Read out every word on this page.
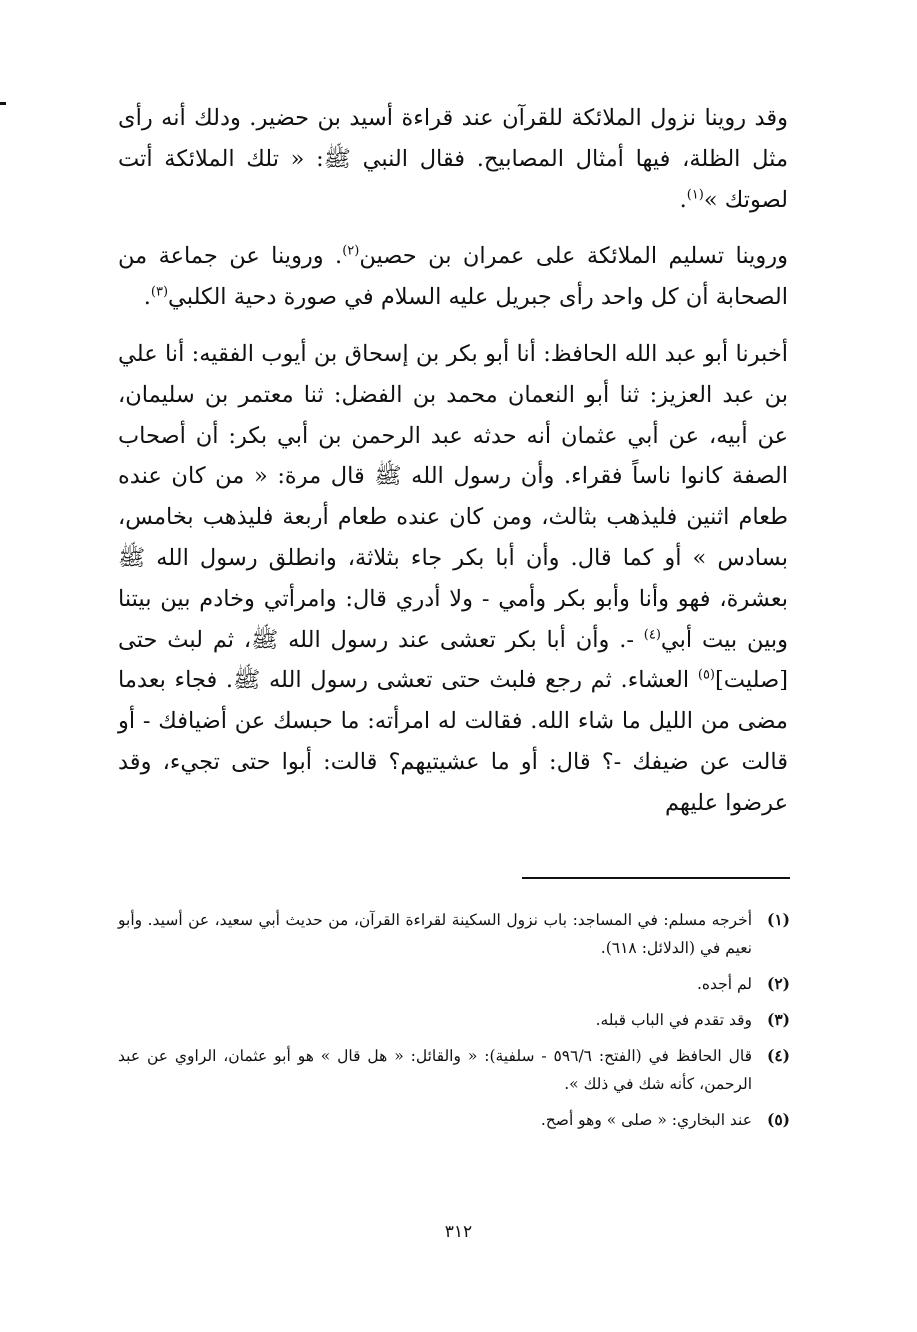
وقد روينا نزول الملائكة للقرآن عند قراءة أسيد بن حضير. ودلك أنه رأى مثل الظلة، فيها أمثال المصابيح. فقال النبي ﷺ: « تلك الملائكة أتت لصوتك »$^{(١)}$.

وروينا تسليم الملائكة على عمران بن حصين$^{(٢)}$. وروينا عن جماعة من الصحابة أن كل واحد رأى جبريل عليه السلام في صورة دحية الكلبي$^{(٣)}$.

أخبرنا أبو عبد الله الحافظ: أنا أبو بكر بن إسحاق بن أيوب الفقيه: أنا علي بن عبد العزيز: ثنا أبو النعمان محمد بن الفضل: ثنا معتمر بن سليمان، عن أبيه، عن أبي عثمان أنه حدثه عبد الرحمن بن أبي بكر: أن أصحاب الصفة كانوا ناساً فقراء. وأن رسول الله ﷺ قال مرة: « من كان عنده طعام اثنين فليذهب بثالث، ومن كان عنده طعام أربعة فليذهب بخامس، بسادس » أو كما قال. وأن أبا بكر جاء بثلاثة، وانطلق رسول الله ﷺ بعشرة، فهو وأنا وأبو بكر وأمي - ولا أدري قال: وامرأتي وخادم بين بيتنا وبين بيت أبي$^{(٤)}$ -. وأن أبا بكر تعشى عند رسول الله ﷺ، ثم لبث حتى [صليت]$^{(٥)}$ العشاء. ثم رجع فلبث حتى تعشى رسول الله ﷺ. فجاء بعدما مضى من الليل ما شاء الله. فقالت له امرأته: ما حبسك عن أضيافك - أو قالت عن ضيفك -؟ قال: أو ما عشيتيهم؟ قالت: أبوا حتى تجيء، وقد عرضوا عليهم

(١)
أخرجه مسلم: في المساجد: باب نزول السكينة لقراءة القرآن، من حديث أبي سعيد، عن أسيد. وأبو نعيم في (الدلائل: ٦١٨).
(٢)
لم أجده.
(٣)
وقد تقدم في الباب قبله.
(٤)
قال الحافظ في (الفتح: ٥٩٦/٦ - سلفية): « والقائل: « هل قال » هو أبو عثمان، الراوي عن عبد الرحمن، كأنه شك في ذلك ».
(٥)
عند البخاري: « صلى » وهو أصح.
٣١٢
